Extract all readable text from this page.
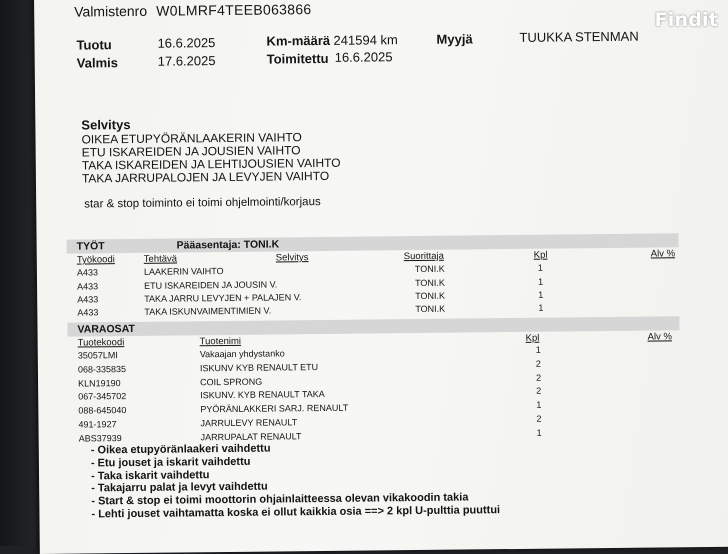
Valmistenro W0LMRF4TEEB063866
Tuotu	16.6.2025
Valmis	17.6.2025
Km-määrä 241594 km
Toimitettu 16.6.2025
Myyjä	TUUKKA STENMAN
Selvitys
OIKEA ETUPYÖRÄNLAAKERIN VAIHTO
ETU ISKAREIDEN JA JOUSIEN VAIHTO
TAKA ISKAREIDEN JA LEHTIJOUSIEN VAIHTO
TAKA JARRUPALOJEN JA LEVYJEN VAIHTO
star & stop toiminto ei toimi ohjelmointi/korjaus
TYÖT	Pääasentaja: TONI.K
Työkoodi	Tehtävä	Selvitys	Suorittaja	Kpl	Alv %
A433	LAAKERIN VAIHTO	TONI.K	1
A433	ETU ISKAREIDEN JA JOUSIN V.	TONI.K	1
A433	TAKA JARRU LEVYJEN + PALAJEN V.	TONI.K	1
A433	TAKA ISKUNVAIMENTIMIEN V.	TONI.K	1
VARAOSAT
Tuotekoodi	Tuotenimi	Kpl	Alv %
35057LMI	Vakaajan yhdystanko	1
068-335835	ISKUNV KYB RENAULT ETU	2
KLN19190	COIL SPRONG	2
067-345702	ISKUNV. KYB RENAULT TAKA	2
088-645040	PYÖRÄNLAKKERI SARJ. RENAULT	1
491-1927	JARRULEVY RENAULT	2
ABS37939	JARRUPALAT RENAULT	1
- Oikea etupyöränlaakeri vaihdettu
- Etu jouset ja iskarit vaihdettu
- Taka iskarit vaihdettu
- Takajarru palat ja levyt vaihdettu
- Start & stop ei toimi moottorin ohjainlaitteessa olevan vikakoodin takia
- Lehti jouset vaihtamatta koska ei ollut kaikkia osia ==> 2 kpl U-pulttia puuttui
Findit
